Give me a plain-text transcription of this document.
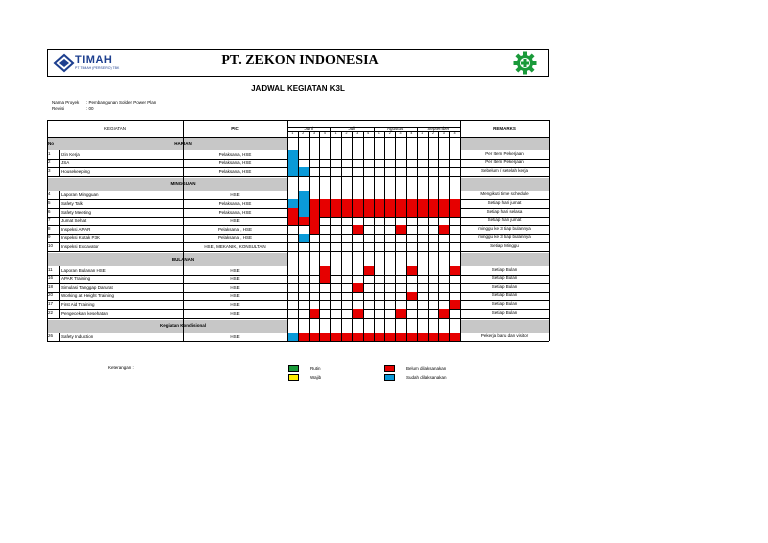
TIMAH
PT TIMAH (PERSERO) TBK	PT. ZEKON INDONESIA
JADWAL KEGIATAN K3L
Nama Proyek : Pembangunan Solder Power Plan
Revisi	: 00
KEGIATAN	PIC	REMARKS
Juni	Juli	Agustus	September
1	2	3	4	1	2	3	4	1	2	3	4	1	2	3	4
HARIAN
No
1	Izin Kerja	Pelaksana, HSE	Per Item Pekerjaan
2	JSA	Pelaksana, HSE	Per Item Pekerjaan
3	Housekeeping	Pelaksana, HSE	Sebelum / setelah kerja
MINGGUAN
4	Laporan Mingguan	HSE	Mengikuti time schedule
5	Safety Talk	Pelaksana, HSE	Setiap hari jumat
6	Safety Meeting	Pelaksana, HSE	Setiap hari selasa
7	Jumat Sehat	HSE	Setiap hari jumat
8	Inspeksi APAR	Pelaksana , HSE	minggu ke 3 tiap bulannya
9	Inspeksi Kotak P3K	Pelaksana , HSE	minggu ke 3 tiap bulannya
10	Inspeksi Excavator	HSE, MEKANIK, KONSULTAN	Setiap Minggu
BULANAN
11	Laporan Bulanan HSE	HSE	Setiap Bulan
16	APAR Training	HSE	Setiap Bulan
18	Simulasi Tanggap Darurat	HSE	Setiap Bulan
20	Working at Height Training	HSE	Setiap Bulan
17	First Aid Training	HSE	Setiap Bulan
22	Pengecekan kesehatan	HSE	Setiap Bulan
Kegiatan Kondisional
26	Safety Induction	HSE	Pekerja baru dan visitor
Keterangan :	Rutin	Belum dilaksanakan
Wajib	Sudah dilaksanakan
